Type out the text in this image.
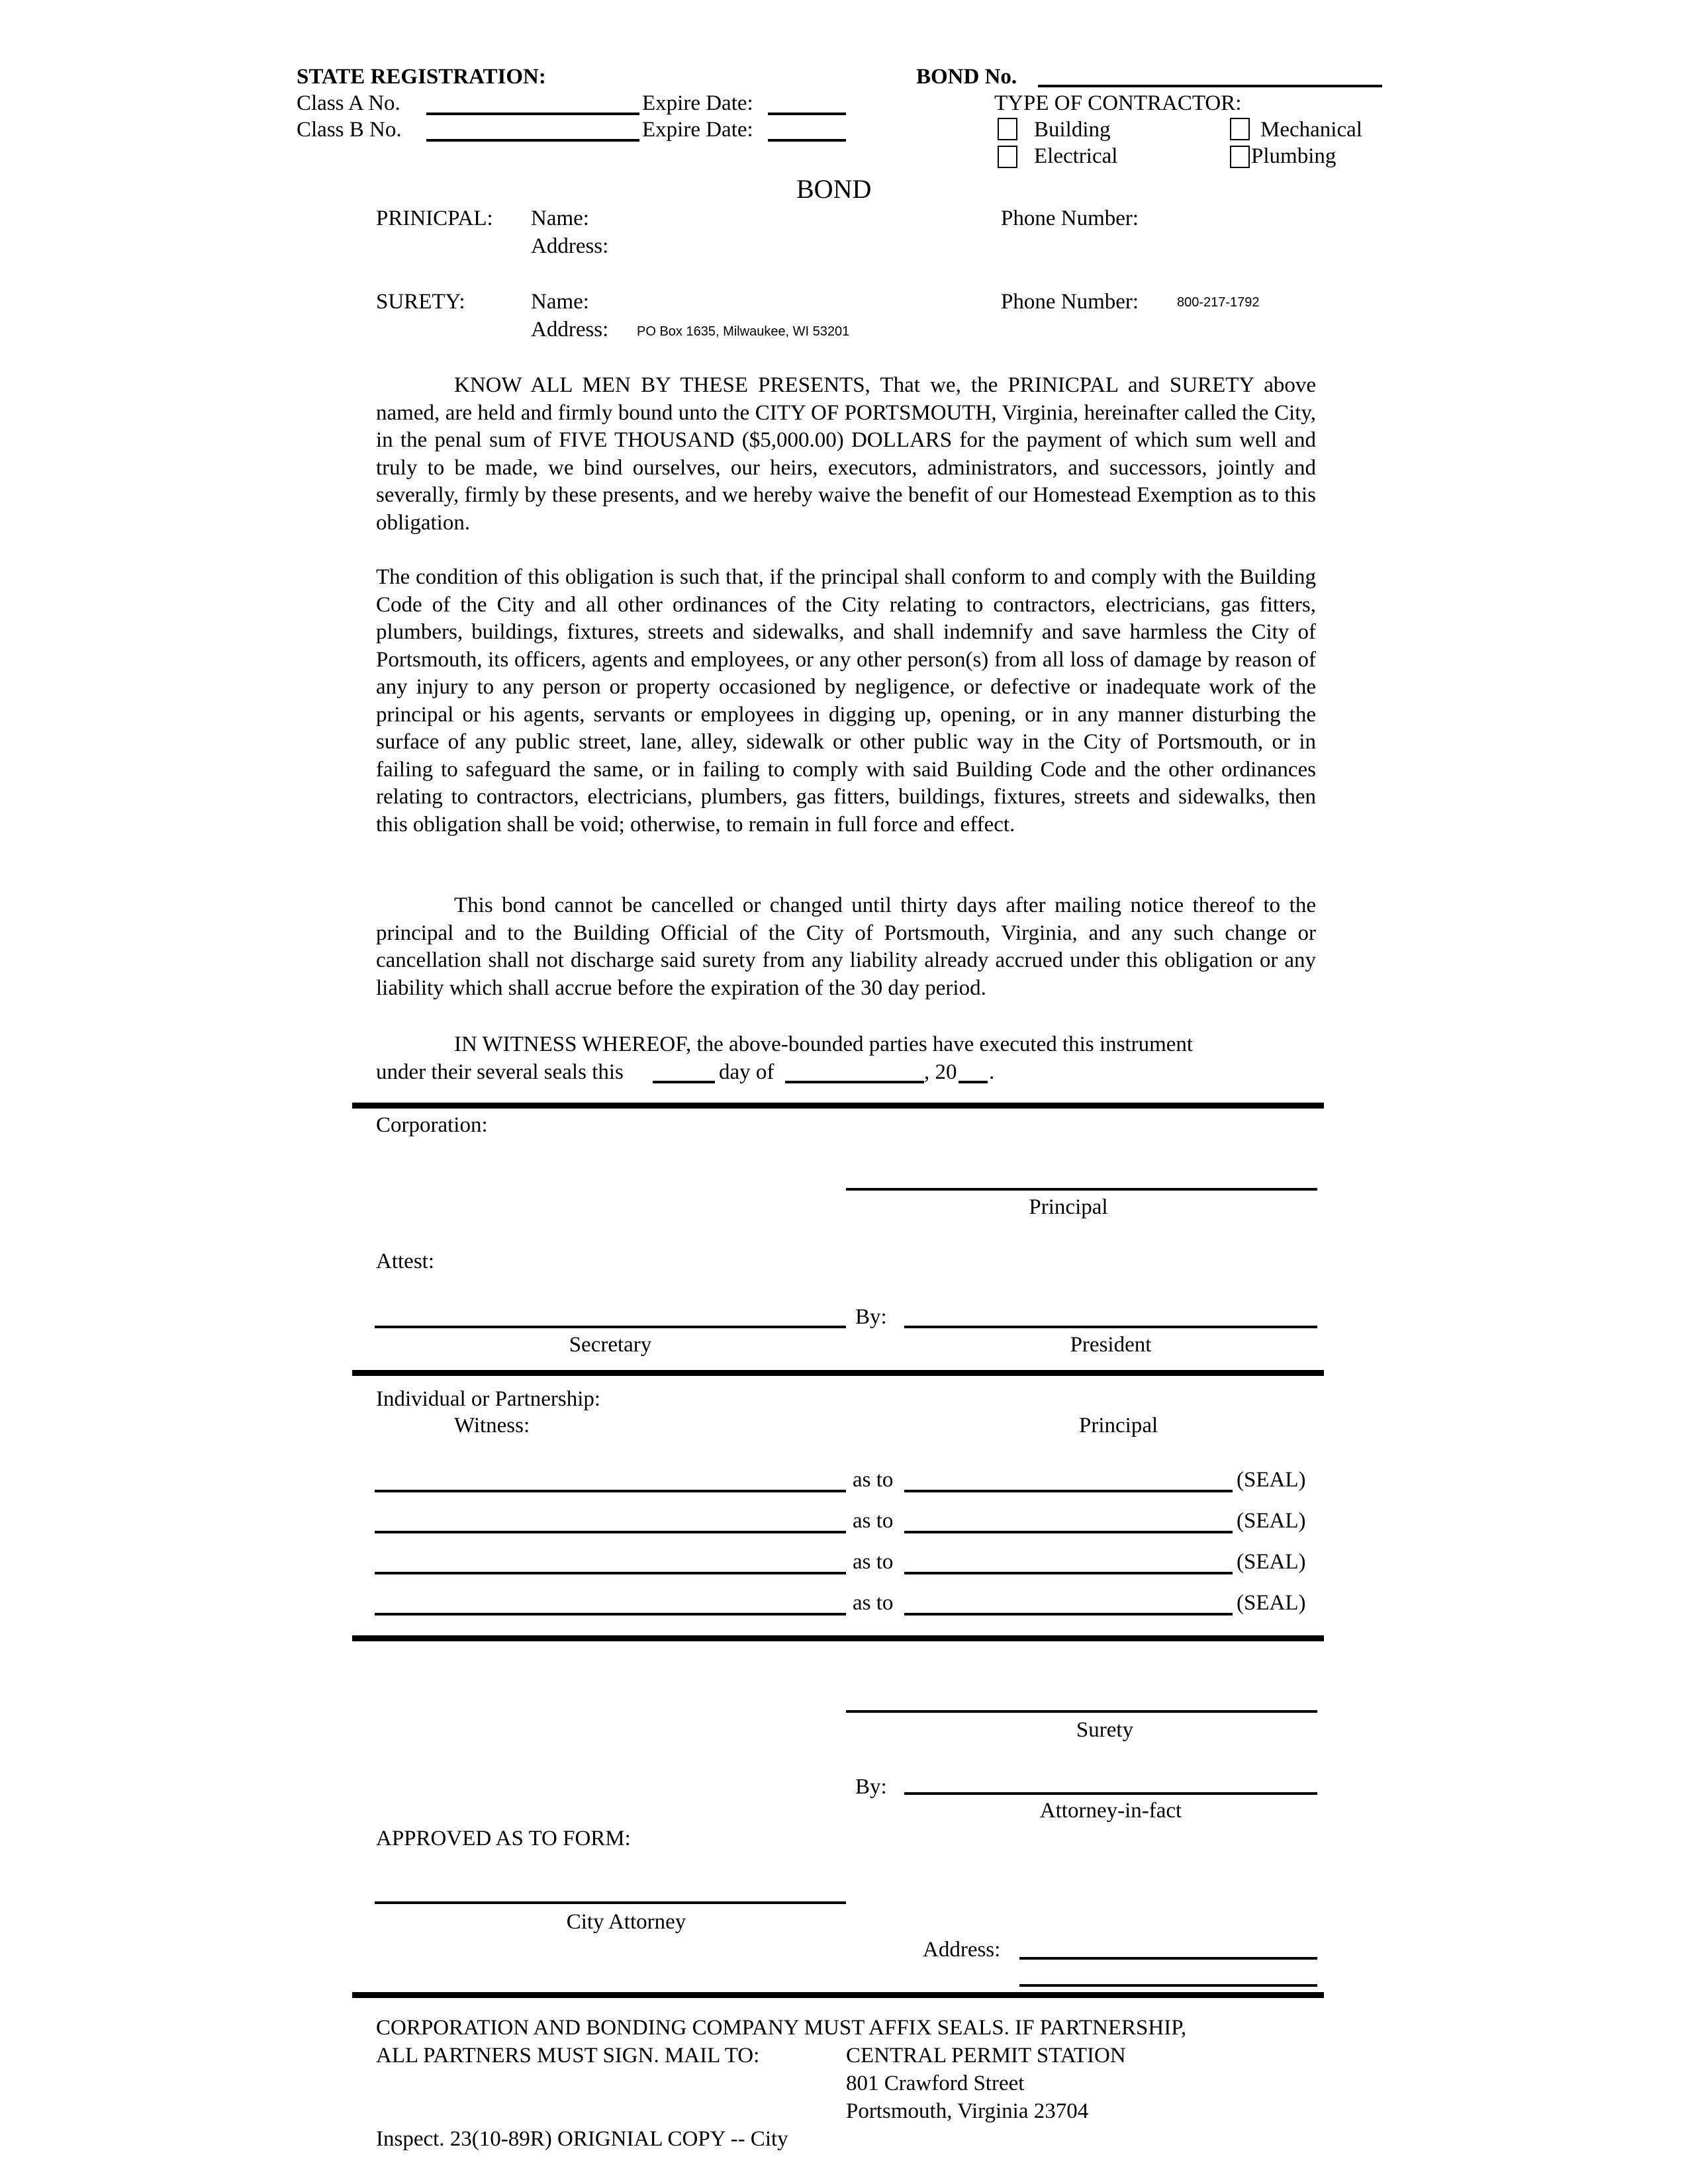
STATE REGISTRATION:
Class A No.	Expire Date:
Class B No.	Expire Date:
BOND No.
TYPE OF CONTRACTOR:
Building	Mechanical
Electrical	Plumbing
BOND
PRINICPAL: Name:
Address:
Phone Number:
SURETY:	Name:
Address: PO Box 1635, Milwaukee, WI 53201
Phone Number:	800-217-1792
KNOW ALL MEN BY THESE PRESENTS, That we, the PRINICPAL and SURETY above named, are held and firmly bound unto the CITY OF PORTSMOUTH, Virginia, hereinafter called the City, in the penal sum of FIVE THOUSAND ($5,000.00) DOLLARS for the payment of which sum well and truly to be made, we bind ourselves, our heirs, executors, administrators, and successors, jointly and severally, firmly by these presents, and we hereby waive the benefit of our Homestead Exemption as to this obligation.
The condition of this obligation is such that, if the principal shall conform to and comply with the Building Code of the City and all other ordinances of the City relating to contractors, electricians, gas fitters, plumbers, buildings, fixtures, streets and sidewalks, and shall indemnify and save harmless the City of Portsmouth, its officers, agents and employees, or any other person(s) from all loss of damage by reason of any injury to any person or property occasioned by negligence, or defective or inadequate work of the principal or his agents, servants or employees in digging up, opening, or in any manner disturbing the surface of any public street, lane, alley, sidewalk or other public way in the City of Portsmouth, or in failing to safeguard the same, or in failing to comply with said Building Code and the other ordinances relating to contractors, electricians, plumbers, gas fitters, buildings, fixtures, streets and sidewalks, then this obligation shall be void; otherwise, to remain in full force and effect.
This bond cannot be cancelled or changed until thirty days after mailing notice thereof to the principal and to the Building Official of the City of Portsmouth, Virginia, and any such change or cancellation shall not discharge said surety from any liability already accrued under this obligation or any liability which shall accrue before the expiration of the 30 day period.
IN WITNESS WHEREOF, the above-bounded parties have executed this instrument
under their several seals this	day of	, 20 .
Corporation:
Principal
Attest:
By:
Secretary	President
Individual or Partnership:
Witness:	Principal
as to	(SEAL)
as to	(SEAL)
as to	(SEAL)
as to	(SEAL)
Surety
By:
Attorney-in-fact
APPROVED AS TO FORM:
City Attorney
Address:
CORPORATION AND BONDING COMPANY MUST AFFIX SEALS. IF PARTNERSHIP,
ALL PARTNERS MUST SIGN. MAIL TO:	CENTRAL PERMIT STATION
801 Crawford Street
Portsmouth, Virginia 23704
Inspect. 23(10-89R) ORIGNIAL COPY -- City
